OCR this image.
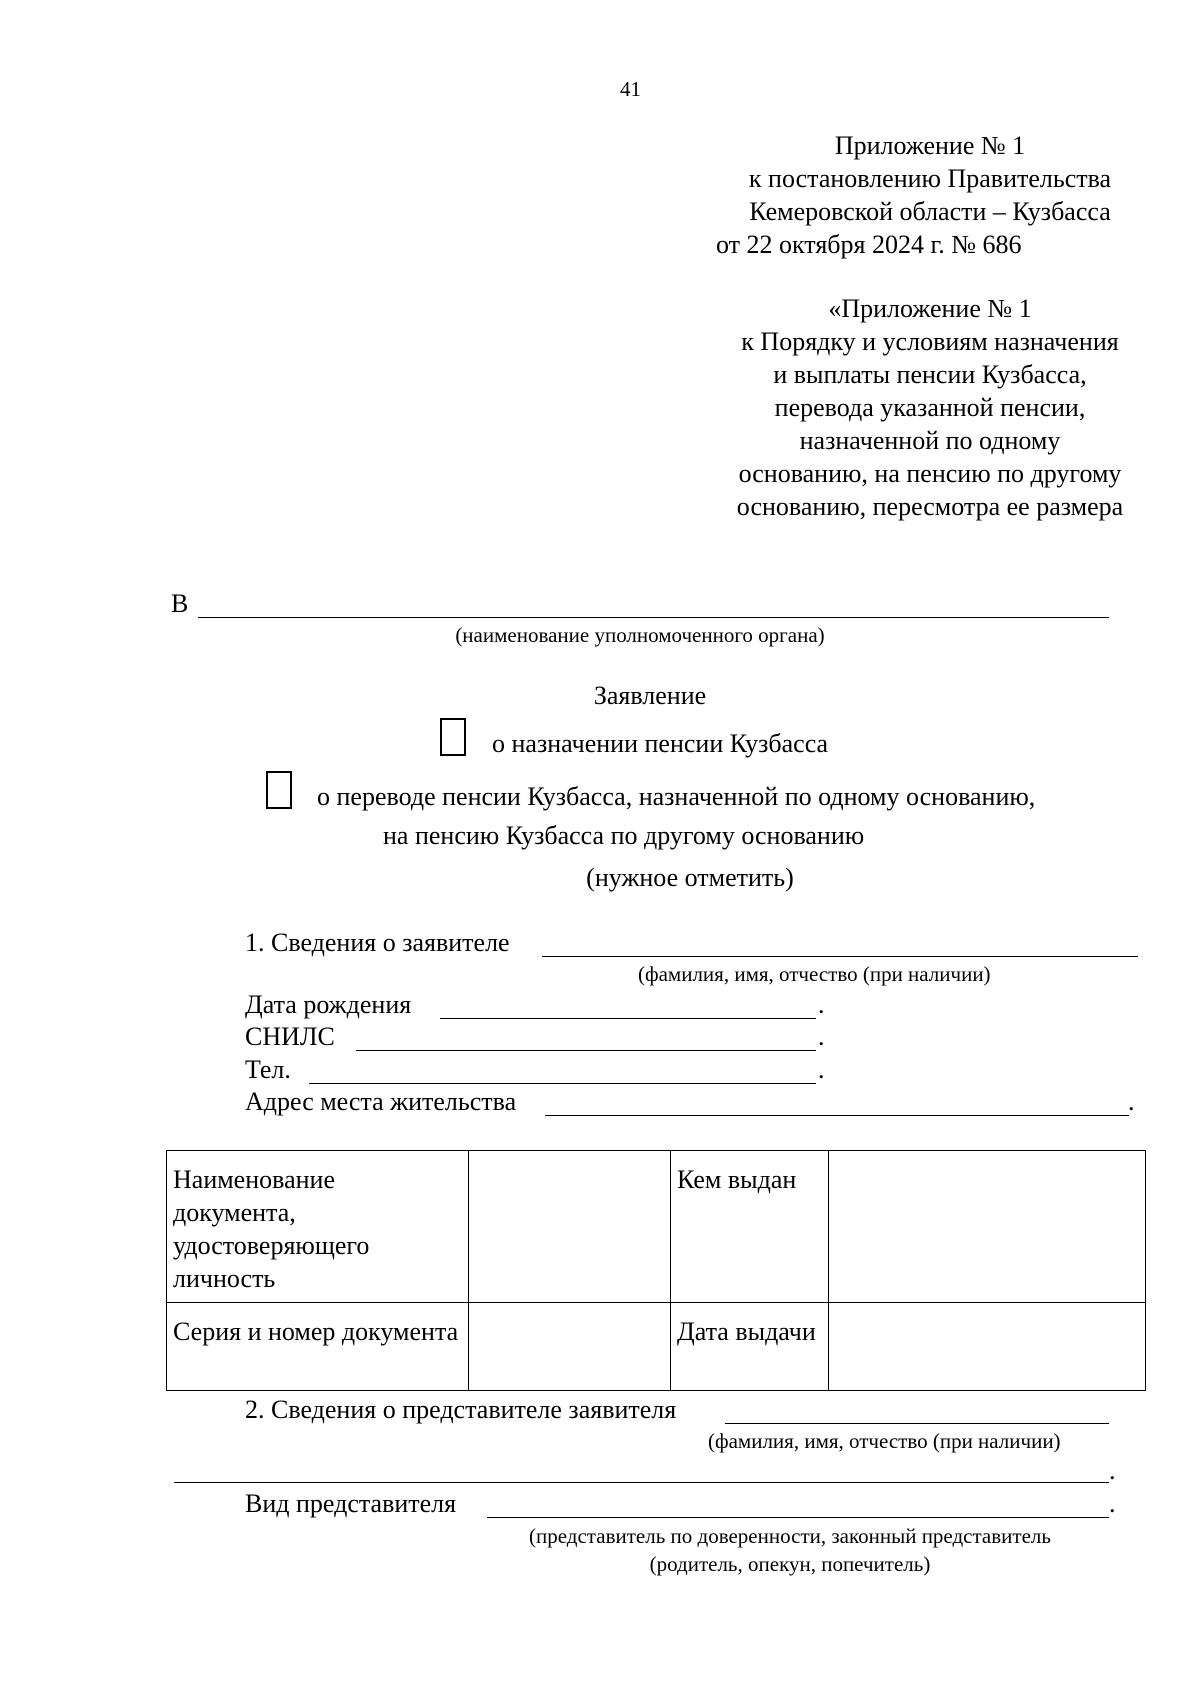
41
Приложение № 1
к постановлению Правительства
Кемеровской области – Кузбасса
от 22 октября 2024 г. № 686
«Приложение № 1
к Порядку и условиям назначения
и выплаты пенсии Кузбасса,
перевода указанной пенсии,
назначенной по одному
основанию, на пенсию по другому
основанию, пересмотра ее размера
В
(наименование уполномоченного органа)
Заявление
о назначении пенсии Кузбасса
о переводе пенсии Кузбасса, назначенной по одному основанию,
на пенсию Кузбасса по другому основанию
(нужное отметить)
1. Сведения о заявителе
(фамилия, имя, отчество (при наличии)
Дата рождения	.
СНИЛС	.
Тел.	.
Адрес места жительства	.
Наименование документа, удостоверяющего личность		Кем выдан	
Серия и номер документа		Дата выдачи	
2. Сведения о представителе заявителя
(фамилия, имя, отчество (при наличии)
.
Вид представителя	.
(представитель по доверенности, законный представитель
(родитель, опекун, попечитель)
